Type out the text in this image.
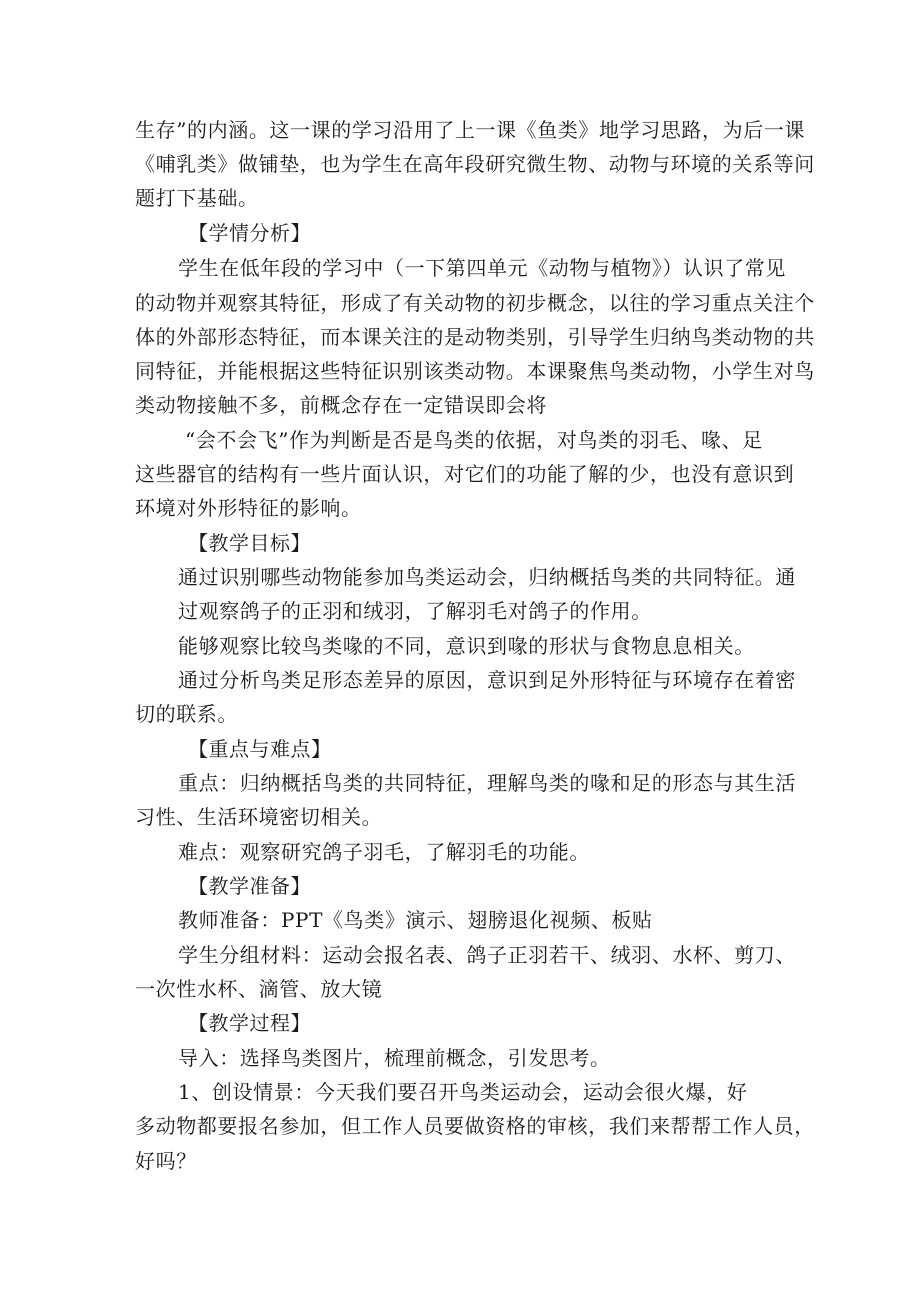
生存”的内涵。这一课的学习沿用了上一课《鱼类》地学习思路，为后一课
《哺乳类》做铺垫，也为学生在高年段研究微生物、动物与环境的关系等问
题打下基础。
【学情分析】
学生在低年段的学习中（一下第四单元《动物与植物》）认识了常见
的动物并观察其特征，形成了有关动物的初步概念，以往的学习重点关注个
体的外部形态特征，而本课关注的是动物类别，引导学生归纳鸟类动物的共
同特征，并能根据这些特征识别该类动物。本课聚焦鸟类动物，小学生对鸟
类动物接触不多，前概念存在一定错误即会将
“会不会飞”作为判断是否是鸟类的依据，对鸟类的羽毛、喙、足
这些器官的结构有一些片面认识，对它们的功能了解的少，也没有意识到
环境对外形特征的影响。
【教学目标】
通过识别哪些动物能参加鸟类运动会，归纳概括鸟类的共同特征。通
过观察鸽子的正羽和绒羽，了解羽毛对鸽子的作用。
能够观察比较鸟类喙的不同，意识到喙的形状与食物息息相关。
通过分析鸟类足形态差异的原因，意识到足外形特征与环境存在着密
切的联系。
【重点与难点】
重点：归纳概括鸟类的共同特征，理解鸟类的喙和足的形态与其生活
习性、生活环境密切相关。
难点：观察研究鸽子羽毛，了解羽毛的功能。
【教学准备】
教师准备：PPT《鸟类》演示、翅膀退化视频、板贴
学生分组材料：运动会报名表、鸽子正羽若干、绒羽、水杯、剪刀、
一次性水杯、滴管、放大镜
【教学过程】
导入：选择鸟类图片，梳理前概念，引发思考。
1、创设情景：今天我们要召开鸟类运动会，运动会很火爆，好
多动物都要报名参加，但工作人员要做资格的审核，我们来帮帮工作人员，
好吗？
